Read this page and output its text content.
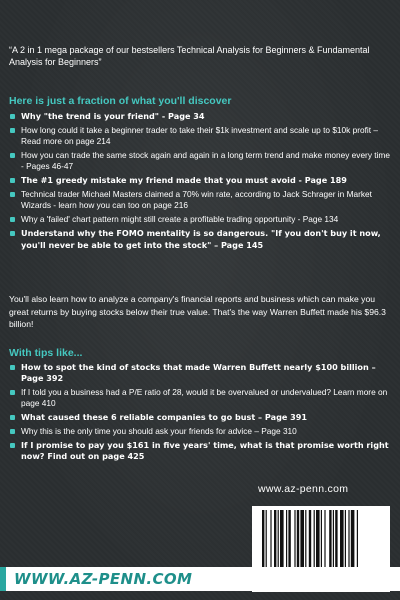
“A 2 in 1 mega package of our bestsellers Technical Analysis for Beginners & Fundamental Analysis for Beginners”
Here is just a fraction of what you'll discover
Why "the trend is your friend" - Page 34
How long could it take a beginner trader to take their $1k investment and scale up to $10k profit – Read more on page 214
How you can trade the same stock again and again in a long term trend and make money every time - Pages 46-47
The #1 greedy mistake my friend made that you must avoid - Page 189
Technical trader Michael Masters claimed a 70% win rate, according to Jack Schrager in Market Wizards - learn how you can too on page 216
Why a 'failed' chart pattern might still create a profitable trading opportunity - Page 134
Understand why the FOMO mentality is so dangerous. "If you don't buy it now, you'll never be able to get into the stock" – Page 145
You'll also learn how to analyze a company's financial reports and business which can make you great returns by buying stocks below their true value. That's the way Warren Buffett made his $96.3 billion!
With tips like...
How to spot the kind of stocks that made Warren Buffett nearly $100 billion – Page 392
If I told you a business had a P/E ratio of 28, would it be overvalued or undervalued? Learn more on page 410
What caused these 6 reliable companies to go bust – Page 391
Why this is the only time you should ask your friends for advice – Page 310
If I promise to pay you $161 in five years' time, what is that promise worth right now? Find out on page 425
www.az-penn.com
WWW.AZ-PENN.COM
